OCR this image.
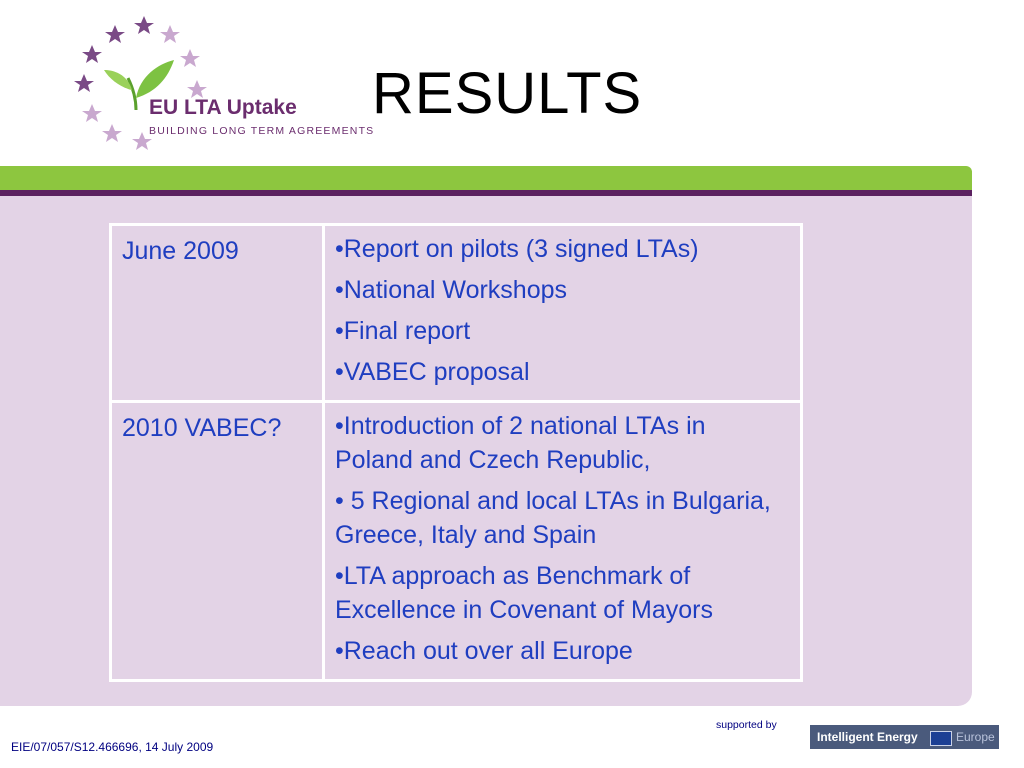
EU LTA Uptake
BUILDING LONG TERM AGREEMENTS
RESULTS
June 2009	•Report on pilots (3 signed LTAs)

•National Workshops

•Final report

•VABEC proposal

2010 VABEC?	•Introduction of 2 national LTAs in Poland and Czech Republic,

• 5 Regional and local LTAs in Bulgaria, Greece, Italy and Spain

•LTA approach as Benchmark of Excellence in Covenant of Mayors

•Reach out over all Europe

EIE/07/057/S12.466696, 14 July 2009
supported by
Intelligent Energy	Europe
